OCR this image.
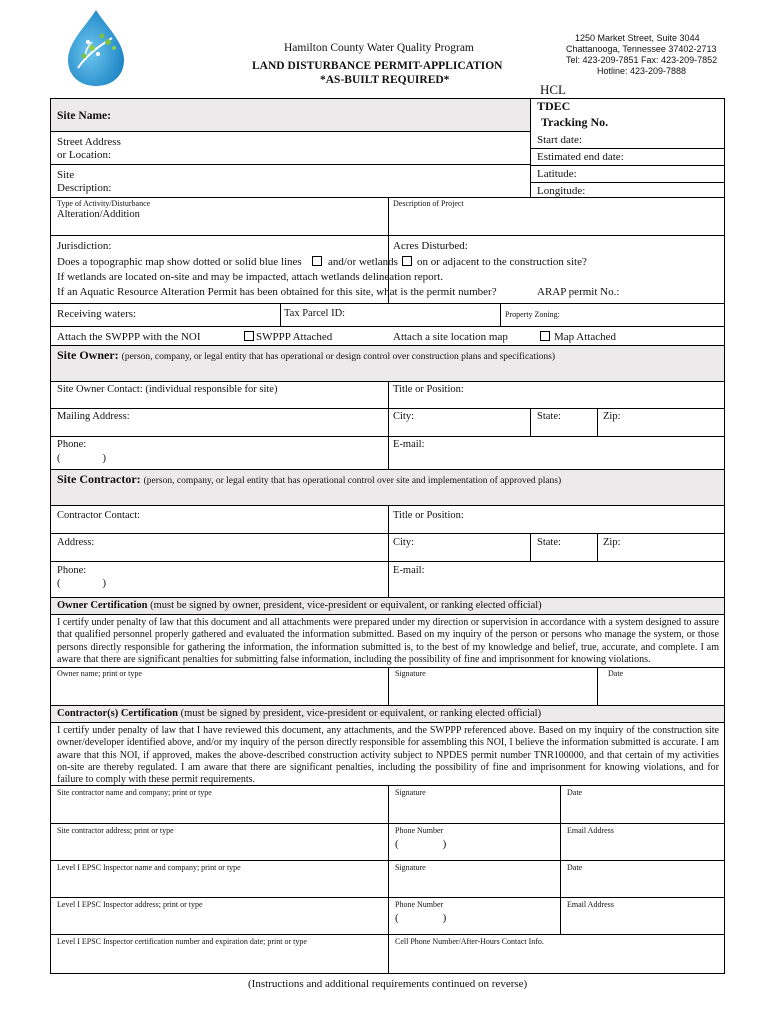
Hamilton County Water Quality Program
LAND DISTURBANCE PERMIT-APPLICATION
*AS-BUILT REQUIRED*
1250 Market Street, Suite 3044
Chattanooga, Tennessee 37402-2713
Tel: 423-209-7851 Fax: 423-209-7852
Hotline: 423-209-7888
HCL
Site Name:
TDEC
Tracking No.
Street Address
or Location:
Start date:
Estimated end date:
Site
Description:
Latitude:
Longitude:
Type of Activity/Disturbance
Alteration/Addition
Description of Project
Jurisdiction:	Acres Disturbed:
Does a topographic map show dotted or solid blue lines and/or wetlands on or adjacent to the construction site?
If wetlands are located on-site and may be impacted, attach wetlands delineation report.
If an Aquatic Resource Alteration Permit has been obtained for this site, what is the permit number?	ARAP permit No.:
Receiving waters:	Tax Parcel ID:	Property Zoning:
Attach the SWPPP with the NOI	SWPPP Attached	Attach a site location map	Map Attached
Site Owner: (person, company, or legal entity that has operational or design control over construction plans and specifications)
Site Owner Contact: (individual responsible for site)	Title or Position:
Mailing Address:	City:	State:	Zip:
Phone:
(                )
E-mail:
Site Contractor: (person, company, or legal entity that has operational control over site and implementation of approved plans)
Contractor Contact:	Title or Position:
Address:	City:	State:	Zip:
Phone:
(                )
E-mail:
Owner Certification (must be signed by owner, president, vice-president or equivalent, or ranking elected official)
I certify under penalty of law that this document and all attachments were prepared under my direction or supervision in accordance with a system designed to assure that qualified personnel properly gathered and evaluated the information submitted. Based on my inquiry of the person or persons who manage the system, or those persons directly responsible for gathering the information, the information submitted is, to the best of my knowledge and belief, true, accurate, and complete. I am aware that there are significant penalties for submitting false information, including the possibility of fine and imprisonment for knowing violations.
Owner name; print or type	Signature	Date
Contractor(s) Certification (must be signed by president, vice-president or equivalent, or ranking elected official)
I certify under penalty of law that I have reviewed this document, any attachments, and the SWPPP referenced above. Based on my inquiry of the construction site owner/developer identified above, and/or my inquiry of the person directly responsible for assembling this NOI, I believe the information submitted is accurate. I am aware that this NOI, if approved, makes the above-described construction activity subject to NPDES permit number TNR100000, and that certain of my activities on-site are thereby regulated. I am aware that there are significant penalties, including the possibility of fine and imprisonment for knowing violations, and for failure to comply with these permit requirements.
Site contractor name and company; print or type	Signature	Date
Site contractor address; print or type	Phone Number
(                )
Email Address
Level I EPSC Inspector name and company; print or type	Signature	Date
Level I EPSC Inspector address; print or type	Phone Number
(                )
Email Address
Level I EPSC Inspector certification number and expiration date; print or type	Cell Phone Number/After-Hours Contact Info.
(Instructions and additional requirements continued on reverse)
